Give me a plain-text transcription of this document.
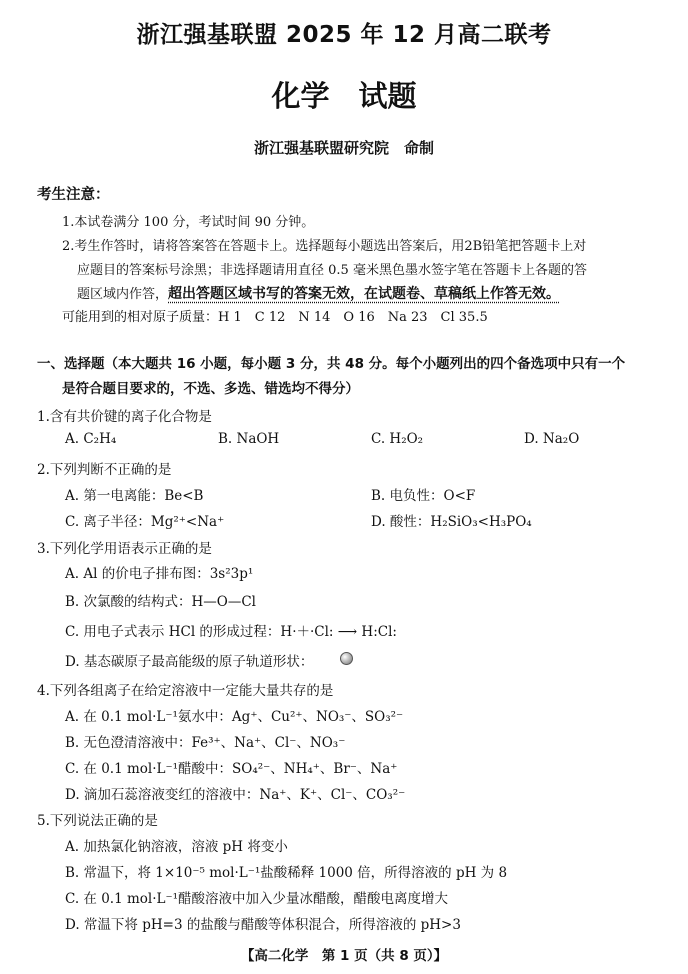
浙江强基联盟 2025 年 12 月高二联考
化学　试题
浙江强基联盟研究院　命制
考生注意：
1.本试卷满分 100 分，考试时间 90 分钟。
2.考生作答时，请将答案答在答题卡上。选择题每小题选出答案后，用2B铅笔把答题卡上对
应题目的答案标号涂黑；非选择题请用直径 0.5 毫米黑色墨水签字笔在答题卡上各题的答
题区域内作答，超出答题区域书写的答案无效，在试题卷、草稿纸上作答无效。
可能用到的相对原子质量：H 1　C 12　N 14　O 16　Na 23　Cl 35.5
一、选择题（本大题共 16 小题，每小题 3 分，共 48 分。每个小题列出的四个备选项中只有一个
是符合题目要求的，不选、多选、错选均不得分）
1.含有共价键的离子化合物是
A. C₂H₄	B. NaOH	C. H₂O₂	D. Na₂O
2.下列判断不正确的是
A. 第一电离能：Be<B	B. 电负性：O<F
C. 离子半径：Mg²⁺<Na⁺	D. 酸性：H₂SiO₃<H₃PO₄
3.下列化学用语表示正确的是
A. Al 的价电子排布图：3s²3p¹
B. 次氯酸的结构式：H—O—Cl
C. 用电子式表示 HCl 的形成过程：H·＋·Cl: ⟶ H:Cl:
D. 基态碳原子最高能级的原子轨道形状：
4.下列各组离子在给定溶液中一定能大量共存的是
A. 在 0.1 mol·L⁻¹氨水中：Ag⁺、Cu²⁺、NO₃⁻、SO₃²⁻
B. 无色澄清溶液中：Fe³⁺、Na⁺、Cl⁻、NO₃⁻
C. 在 0.1 mol·L⁻¹醋酸中：SO₄²⁻、NH₄⁺、Br⁻、Na⁺
D. 滴加石蕊溶液变红的溶液中：Na⁺、K⁺、Cl⁻、CO₃²⁻
5.下列说法正确的是
A. 加热氯化钠溶液，溶液 pH 将变小
B. 常温下，将 1×10⁻⁵ mol·L⁻¹盐酸稀释 1000 倍，所得溶液的 pH 为 8
C. 在 0.1 mol·L⁻¹醋酸溶液中加入少量冰醋酸，醋酸电离度增大
D. 常温下将 pH=3 的盐酸与醋酸等体积混合，所得溶液的 pH>3
【高二化学　第 1 页（共 8 页）】
